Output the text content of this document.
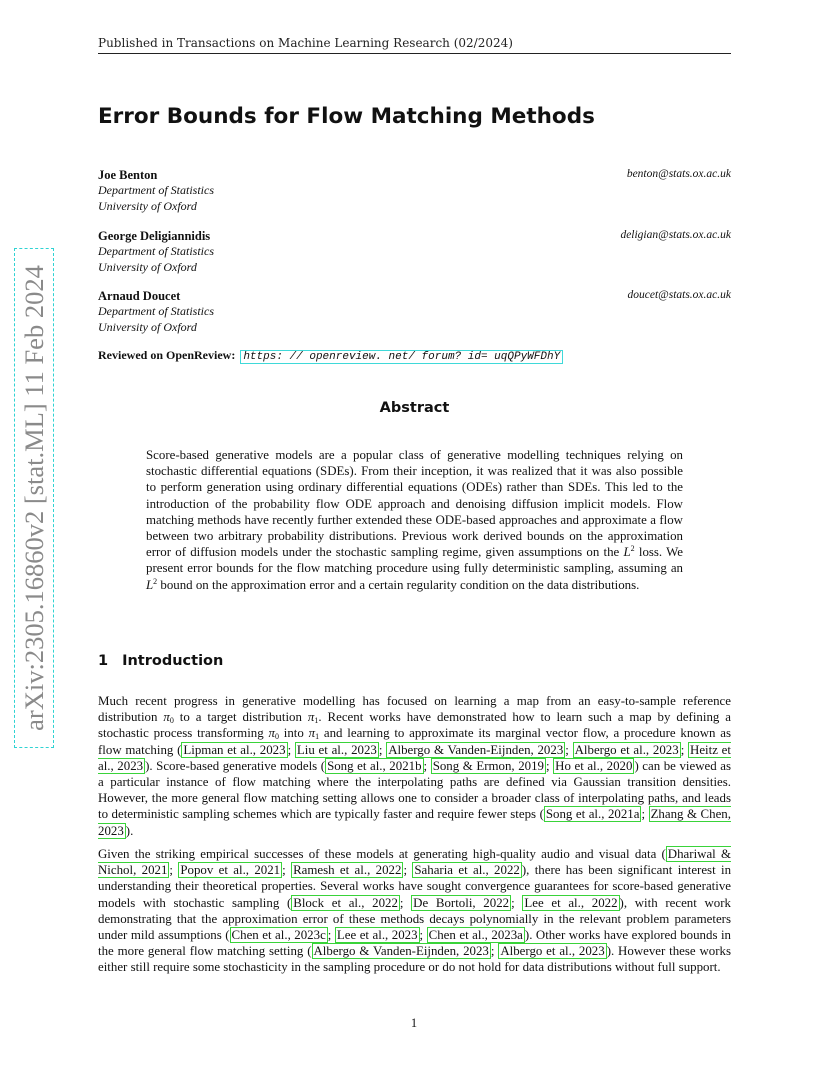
Published in Transactions on Machine Learning Research (02/2024)
arXiv:2305.16860v2 [stat.ML] 11 Feb 2024
Error Bounds for Flow Matching Methods
Joe Benton
Department of Statistics
University of Oxford
benton@stats.ox.ac.uk
George Deligiannidis
Department of Statistics
University of Oxford
deligian@stats.ox.ac.uk
Arnaud Doucet
Department of Statistics
University of Oxford
doucet@stats.ox.ac.uk
Reviewed on OpenReview: https: // openreview. net/ forum? id= uqQPyWFDhY
Abstract
Score-based generative models are a popular class of generative modelling techniques relying on stochastic differential equations (SDEs). From their inception, it was realized that it was also possible to perform generation using ordinary differential equations (ODEs) rather than SDEs. This led to the introduction of the probability flow ODE approach and denoising diffusion implicit models. Flow matching methods have recently further extended these ODE-based approaches and approximate a flow between two arbitrary probability distributions. Previous work derived bounds on the approximation error of diffusion models under the stochastic sampling regime, given assumptions on the $L^2$ loss. We present error bounds for the flow matching procedure using fully deterministic sampling, assuming an $L^2$ bound on the approximation error and a certain regularity condition on the data distributions.
1 Introduction
Much recent progress in generative modelling has focused on learning a map from an easy-to-sample reference distribution $\pi_0$ to a target distribution $\pi_1$. Recent works have demonstrated how to learn such a map by defining a stochastic process transforming $\pi_0$ into $\pi_1$ and learning to approximate its marginal vector flow, a procedure known as flow matching ( Lipman et al., 2023 ; Liu et al., 2023 ; Albergo & Vanden-Eijnden, 2023 ; Albergo et al., 2023 ; Heitz et al., 2023 ). Score-based generative models ( Song et al., 2021b ; Song & Ermon, 2019 ; Ho et al., 2020 ) can be viewed as a particular instance of flow matching where the interpolating paths are defined via Gaussian transition densities. However, the more general flow matching setting allows one to consider a broader class of interpolating paths, and leads to deterministic sampling schemes which are typically faster and require fewer steps ( Song et al., 2021a ; Zhang & Chen, 2023 ).
Given the striking empirical successes of these models at generating high-quality audio and visual data ( Dhariwal & Nichol, 2021 ; Popov et al., 2021 ; Ramesh et al., 2022 ; Saharia et al., 2022 ), there has been significant interest in understanding their theoretical properties. Several works have sought convergence guarantees for score-based generative models with stochastic sampling ( Block et al., 2022 ; De Bortoli, 2022 ; Lee et al., 2022 ), with recent work demonstrating that the approximation error of these methods decays polynomially in the relevant problem parameters under mild assumptions ( Chen et al., 2023c ; Lee et al., 2023 ; Chen et al., 2023a ). Other works have explored bounds in the more general flow matching setting ( Albergo & Vanden-Eijnden, 2023 ; Albergo et al., 2023 ). However these works either still require some stochasticity in the sampling procedure or do not hold for data distributions without full support.
1
